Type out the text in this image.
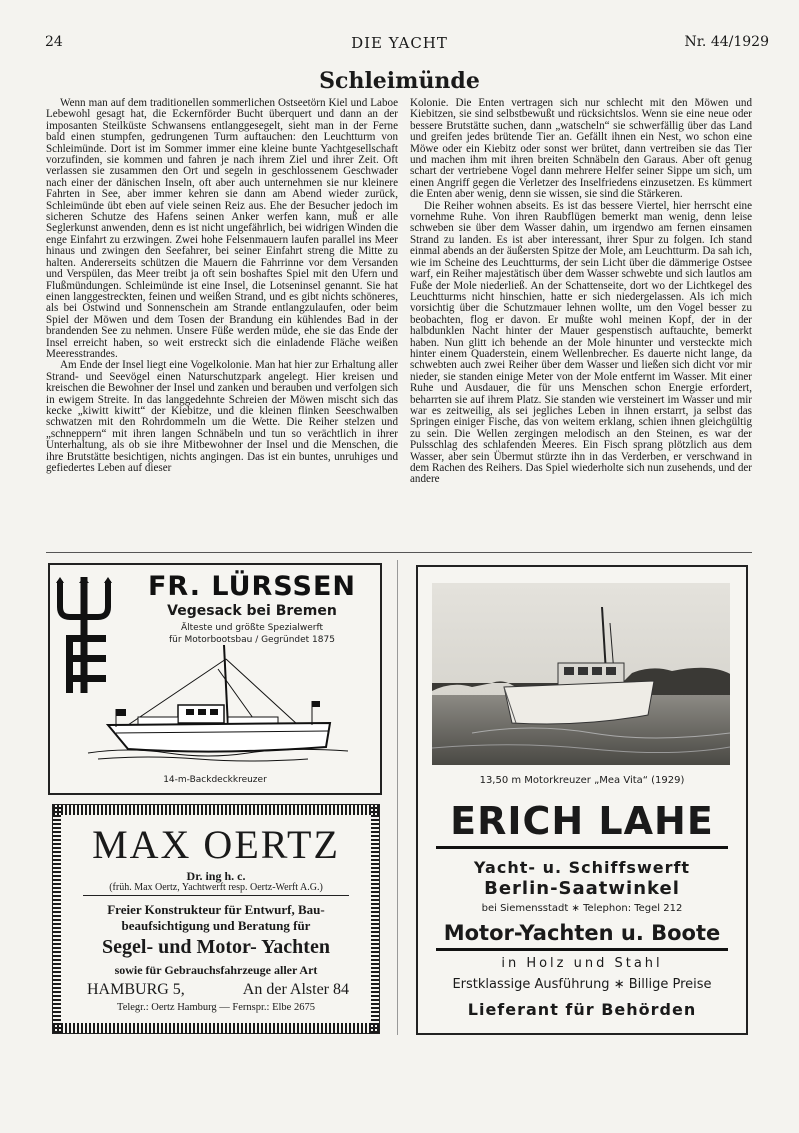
24	DIE YACHT	Nr. 44/1929
Schleimünde

Wenn man auf dem traditionellen sommerlichen Ostseetörn Kiel und Laboe Lebewohl gesagt hat, die Eckernförder Bucht überquert und dann an der imposanten Steilküste Schwansens entlanggesegelt, sieht man in der Ferne bald einen stumpfen, gedrungenen Turm auftauchen: den Leuchtturm von Schleimünde. Dort ist im Sommer immer eine kleine bunte Yachtgesellschaft vorzufinden, sie kommen und fahren je nach ihrem Ziel und ihrer Zeit. Oft verlassen sie zusammen den Ort und segeln in geschlossenem Geschwader nach einer der dänischen Inseln, oft aber auch unternehmen sie nur kleinere Fahrten in See, aber immer kehren sie dann am Abend wieder zurück, Schleimünde übt eben auf viele seinen Reiz aus. Ehe der Besucher jedoch im sicheren Schutze des Hafens seinen Anker werfen kann, muß er alle Seglerkunst anwenden, denn es ist nicht ungefährlich, bei widrigen Winden die enge Einfahrt zu erzwingen. Zwei hohe Felsenmauern laufen parallel ins Meer hinaus und zwingen den Seefahrer, bei seiner Einfahrt streng die Mitte zu halten. Andererseits schützen die Mauern die Fahrrinne vor dem Versanden und Verspülen, das Meer treibt ja oft sein boshaftes Spiel mit den Ufern und Flußmündungen. Schleimünde ist eine Insel, die Lotseninsel genannt. Sie hat einen langgestreckten, feinen und weißen Strand, und es gibt nichts schöneres, als bei Ostwind und Sonnenschein am Strande entlangzulaufen, oder beim Spiel der Möwen und dem Tosen der Brandung ein kühlendes Bad in der brandenden See zu nehmen. Unsere Füße werden müde, ehe sie das Ende der Insel erreicht haben, so weit erstreckt sich die einladende Fläche weißen Meeresstrandes.

Am Ende der Insel liegt eine Vogelkolonie. Man hat hier zur Erhaltung aller Strand- und Seevögel einen Naturschutzpark angelegt. Hier kreisen und kreischen die Bewohner der Insel und zanken und berauben und verfolgen sich in ewigem Streite. In das langgedehnte Schreien der Möwen mischt sich das kecke „kiwitt kiwitt“ der Kiebitze, und die kleinen flinken Seeschwalben schwatzen mit den Rohrdommeln um die Wette. Die Reiher stelzen und „schneppern“ mit ihren langen Schnäbeln und tun so verächtlich in ihrer Unterhaltung, als ob sie ihre Mitbewohner der Insel und die Menschen, die ihre Brutstätte besichtigen, nichts angingen. Das ist ein buntes, unruhiges und gefiedertes Leben auf dieser

Kolonie. Die Enten vertragen sich nur schlecht mit den Möwen und Kiebitzen, sie sind selbstbewußt und rücksichtslos. Wenn sie eine neue oder bessere Brutstätte suchen, dann „watscheln“ sie schwerfällig über das Land und greifen jedes brütende Tier an. Gefällt ihnen ein Nest, wo schon eine Möwe oder ein Kiebitz oder sonst wer brütet, dann vertreiben sie das Tier und machen ihm mit ihren breiten Schnäbeln den Garaus. Aber oft genug schart der vertriebene Vogel dann mehrere Helfer seiner Sippe um sich, um einen Angriff gegen die Verletzer des Inselfriedens einzusetzen. Es kümmert die Enten aber wenig, denn sie wissen, sie sind die Stärkeren.

Die Reiher wohnen abseits. Es ist das bessere Viertel, hier herrscht eine vornehme Ruhe. Von ihren Raubflügen bemerkt man wenig, denn leise schweben sie über dem Wasser dahin, um irgendwo am fernen einsamen Strand zu landen. Es ist aber interessant, ihrer Spur zu folgen. Ich stand einmal abends an der äußersten Spitze der Mole, am Leuchtturm. Da sah ich, wie im Scheine des Leuchtturms, der sein Licht über die dämmerige Ostsee warf, ein Reiher majestätisch über dem Wasser schwebte und sich lautlos am Fuße der Mole niederließ. An der Schattenseite, dort wo der Lichtkegel des Leuchtturms nicht hinschien, hatte er sich niedergelassen. Als ich mich vorsichtig über die Schutzmauer lehnen wollte, um den Vogel besser zu beobachten, flog er davon. Er mußte wohl meinen Kopf, der in der halbdunklen Nacht hinter der Mauer gespenstisch auftauchte, bemerkt haben. Nun glitt ich behende an der Mole hinunter und versteckte mich hinter einem Quaderstein, einem Wellenbrecher. Es dauerte nicht lange, da schwebten auch zwei Reiher über dem Wasser und ließen sich dicht vor mir nieder, sie standen einige Meter von der Mole entfernt im Wasser. Mit einer Ruhe und Ausdauer, die für uns Menschen schon Energie erfordert, beharrten sie auf ihrem Platz. Sie standen wie versteinert im Wasser und mir war es zeitweilig, als sei jegliches Leben in ihnen erstarrt, ja selbst das Springen einiger Fische, das von weitem erklang, schien ihnen gleichgültig zu sein. Die Wellen zergingen melodisch an den Steinen, es war der Pulsschlag des schlafenden Meeres. Ein Fisch sprang plötzlich aus dem Wasser, aber sein Übermut stürzte ihn in das Verderben, er verschwand in dem Rachen des Reihers. Das Spiel wiederholte sich nun zusehends, und der andere

FR. LÜRSSEN
Vegesack bei Bremen
Älteste und größte Spezialwerft
für Motorbootsbau / Gegründet 1875
14-m-Backdeckkreuzer
MAX OERTZ
Dr. ing h. c.
(früh. Max Oertz, Yachtwerft resp. Oertz-Werft A.G.)
Freier Konstrukteur für Entwurf, Bau-
beaufsichtigung und Beratung für
Segel- und Motor- Yachten
sowie für Gebrauchsfahrzeuge aller Art
HAMBURG 5,	An der Alster 84
Telegr.: Oertz Hamburg — Fernspr.: Elbe 2675
13,50 m Motorkreuzer „Mea Vita“ (1929)
ERICH LAHE
Yacht- u. Schiffswerft
Berlin-Saatwinkel
bei Siemensstadt ∗ Telephon: Tegel 212
Motor-Yachten u. Boote
in Holz und Stahl
Erstklassige Ausführung ∗ Billige Preise
Lieferant für Behörden
